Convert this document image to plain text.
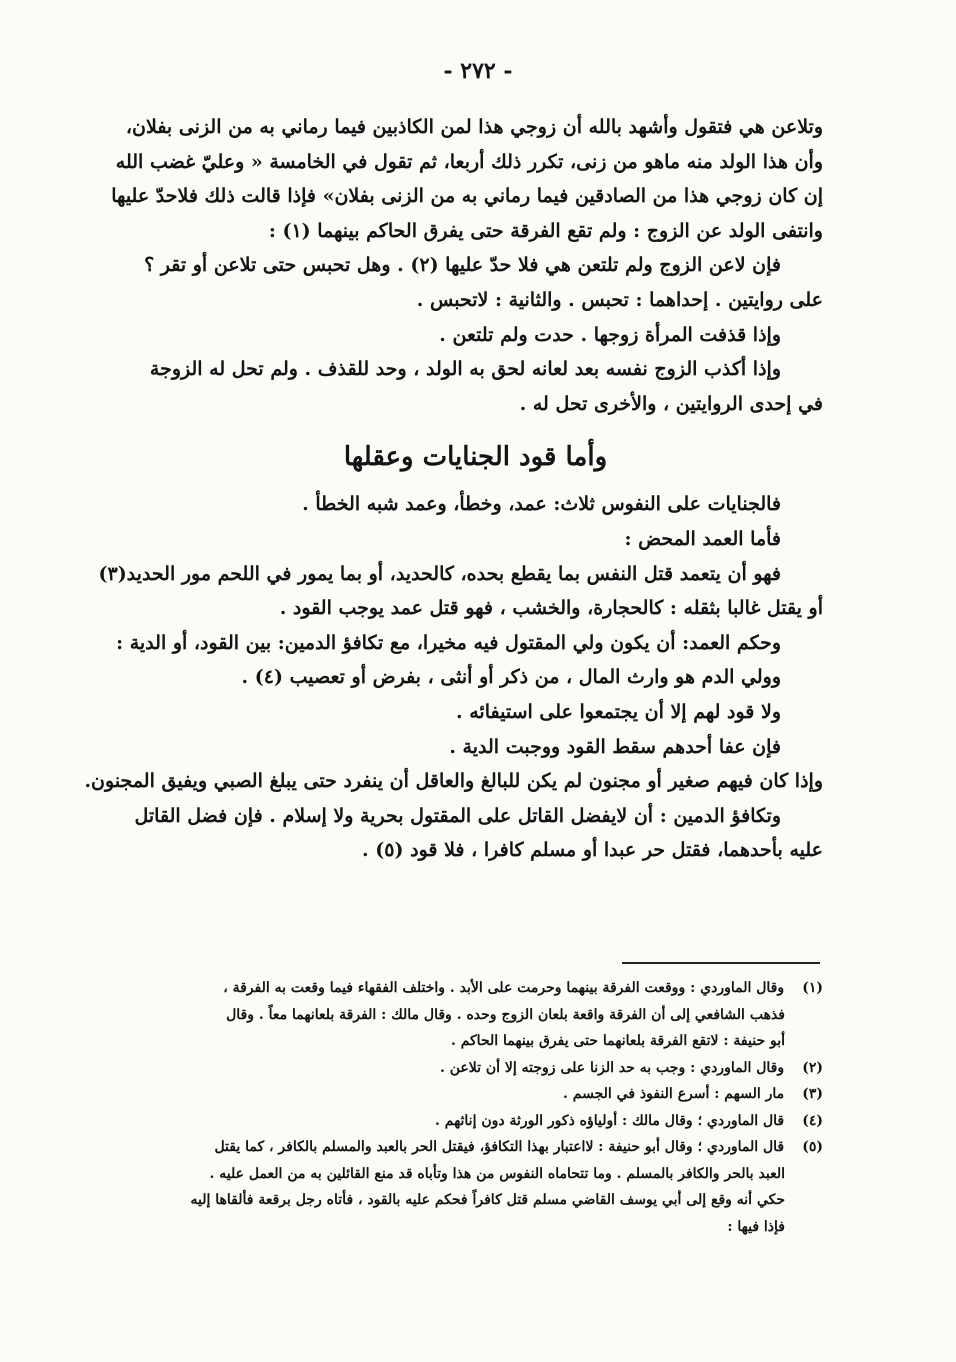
- ٢٧٢ -
وتلاعن هي فتقول وأشهد بالله أن زوجي هذا لمن الكاذبين فيما رماني به من الزنى بفلان،
وأن هذا الولد منه ماهو من زنى، تكرر ذلك أربعا، ثم تقول في الخامسة « وعليّ غضب الله
إن كان زوجي هذا من الصادقين فيما رماني به من الزنى بفلان» فإذا قالت ذلك فلاحدّ عليها
وانتفى الولد عن الزوج : ولم تقع الفرقة حتى يفرق الحاكم بينهما (١) :
فإن لاعن الزوج ولم تلتعن هي فلا حدّ عليها (٢) . وهل تحبس حتى تلاعن أو تقر ؟
على روايتين . إحداهما : تحبس . والثانية : لاتحبس .
وإذا قذفت المرأة زوجها . حدت ولم تلتعن .
وإذا أكذب الزوج نفسه بعد لعانه لحق به الولد ، وحد للقذف . ولم تحل له الزوجة
في إحدى الروايتين ، والأخرى تحل له .
وأما قود الجنايات وعقلها
فالجنايات على النفوس ثلاث: عمد، وخطأ، وعمد شبه الخطأ .
فأما العمد المحض :
فهو أن يتعمد قتل النفس بما يقطع بحده، كالحديد، أو بما يمور في اللحم مور الحديد(٣)
أو يقتل غالبا بثقله : كالحجارة، والخشب ، فهو قتل عمد يوجب القود .
وحكم العمد: أن يكون ولي المقتول فيه مخيرا، مع تكافؤ الدمين: بين القود، أو الدية :
وولي الدم هو وارث المال ، من ذكر أو أنثى ، بفرض أو تعصيب (٤) .
ولا قود لهم إلا أن يجتمعوا على استيفائه .
فإن عفا أحدهم سقط القود ووجبت الدية .
وإذا كان فيهم صغير أو مجنون لم يكن للبالغ والعاقل أن ينفرد حتى يبلغ الصبي ويفيق المجنون.
وتكافؤ الدمين : أن لايفضل القاتل على المقتول بحرية ولا إسلام . فإن فضل القاتل
عليه بأحدهما، فقتل حر عبدا أو مسلم كافرا ، فلا قود (٥) .
(١) وقال الماوردي : ووقعت الفرقة بينهما وحرمت على الأبد . واختلف الفقهاء فيما وقعت به الفرقة ،
فذهب الشافعي إلى أن الفرقة واقعة بلعان الزوج وحده . وقال مالك : الفرقة بلعانهما معاً . وقال
أبو حنيفة : لاتقع الفرقة بلعانهما حتى يفرق بينهما الحاكم .
(٢) وقال الماوردي : وجب به حد الزنا على زوجته إلا أن تلاعن .
(٣) مار السهم : أسرع النفوذ في الجسم .
(٤) قال الماوردي ؛ وقال مالك : أولياؤه ذكور الورثة دون إناثهم .
(٥) قال الماوردي ؛ وقال أبو حنيفة : لااعتبار بهذا التكافؤ، فيقتل الحر بالعبد والمسلم بالكافر ، كما يقتل
العبد بالحر والكافر بالمسلم . وما تتحاماه النفوس من هذا وتأباه قد منع القائلين به من العمل عليه .
حكي أنه وقع إلى أبي يوسف القاضي مسلم قتل كافراً فحكم عليه بالقود ، فأتاه رجل برقعة فألقاها إليه
فإذا فيها :
